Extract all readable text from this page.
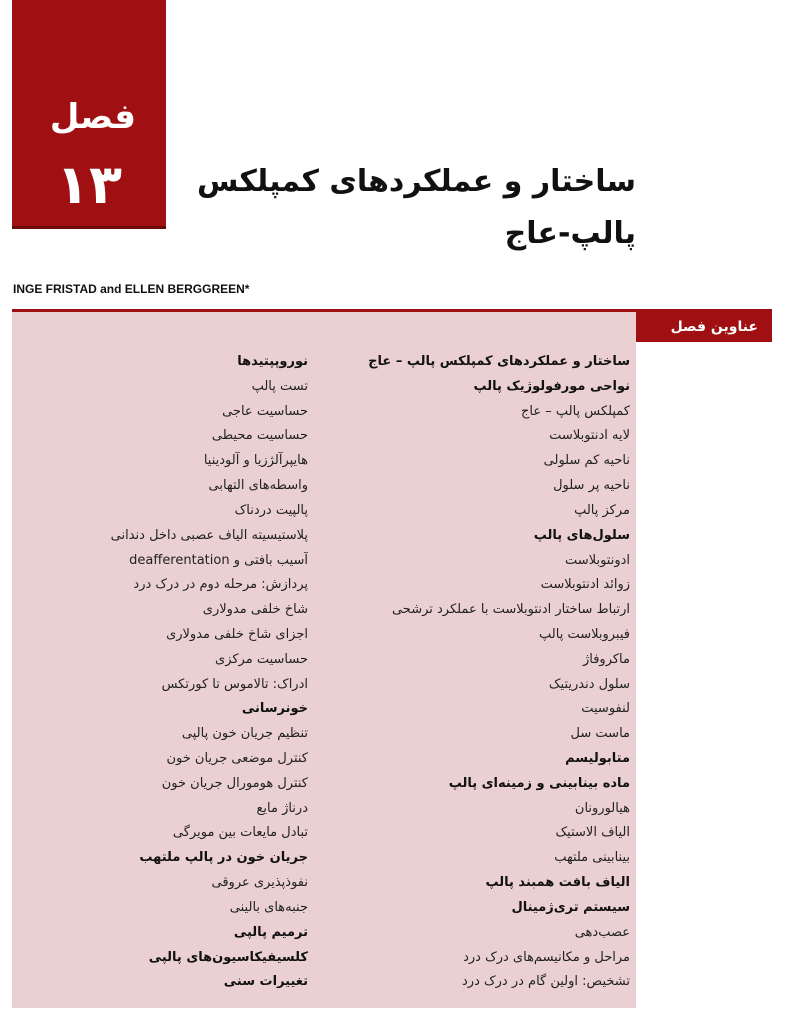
فصل
۱۳	ساختار و عملکردهای کمپلکس
پالپ-عاج
INGE FRISTAD and ELLEN BERGGREEN*
عناوین فصل
ساختار و عملکردهای کمپلکس پالپ – عاج
نواحی مورفولوژیک پالپ
کمپلکس پالپ – عاج
لایه ادنتوبلاست
ناحیه کم سلولی
ناحیه پر سلول
مرکز پالپ
سلول‌های پالپ
ادونتوبلاست
زوائد ادنتوبلاست
ارتباط ساختار ادنتوبلاست با عملکرد ترشحی
فیبروبلاست پالپ
ماکروفاژ
سلول دندریتیک
لنفوسیت
ماست سل
متابولیسم
ماده بینابینی و زمینه‌ای پالپ
هیالورونان
الیاف الاستیک
بینابینی ملتهب
الیاف بافت همبند پالپ
سیستم تری‌ژمینال
عصب‌دهی
مراحل و مکانیسم‌های درک درد
تشخیص: اولین گام در درک درد
نوروپپتیدها
تست پالپ
حساسیت عاجی
حساسیت محیطی
هایپرآلژزیا و آلودینیا
واسطه‌های التهابی
پالپیت دردناک
پلاستیسیته الیاف عصبی داخل دندانی
آسیب بافتی و deafferentation
پردازش: مرحله دوم در درک درد
شاخ خلفی مدولاری
اجزای شاخ خلفی مدولاری
حساسیت مرکزی
ادراک: تالاموس تا کورتکس
خونرسانی
تنظیم جریان خون پالپی
کنترل موضعی جریان خون
کنترل هومورال جریان خون
درناژ مایع
تبادل مایعات بین مویرگی
جریان خون در پالپ ملتهب
نفوذپذیری عروقی
جنبه‌های بالینی
ترمیم پالپی
کلسیفیکاسیون‌های پالپی
تغییرات سنی
